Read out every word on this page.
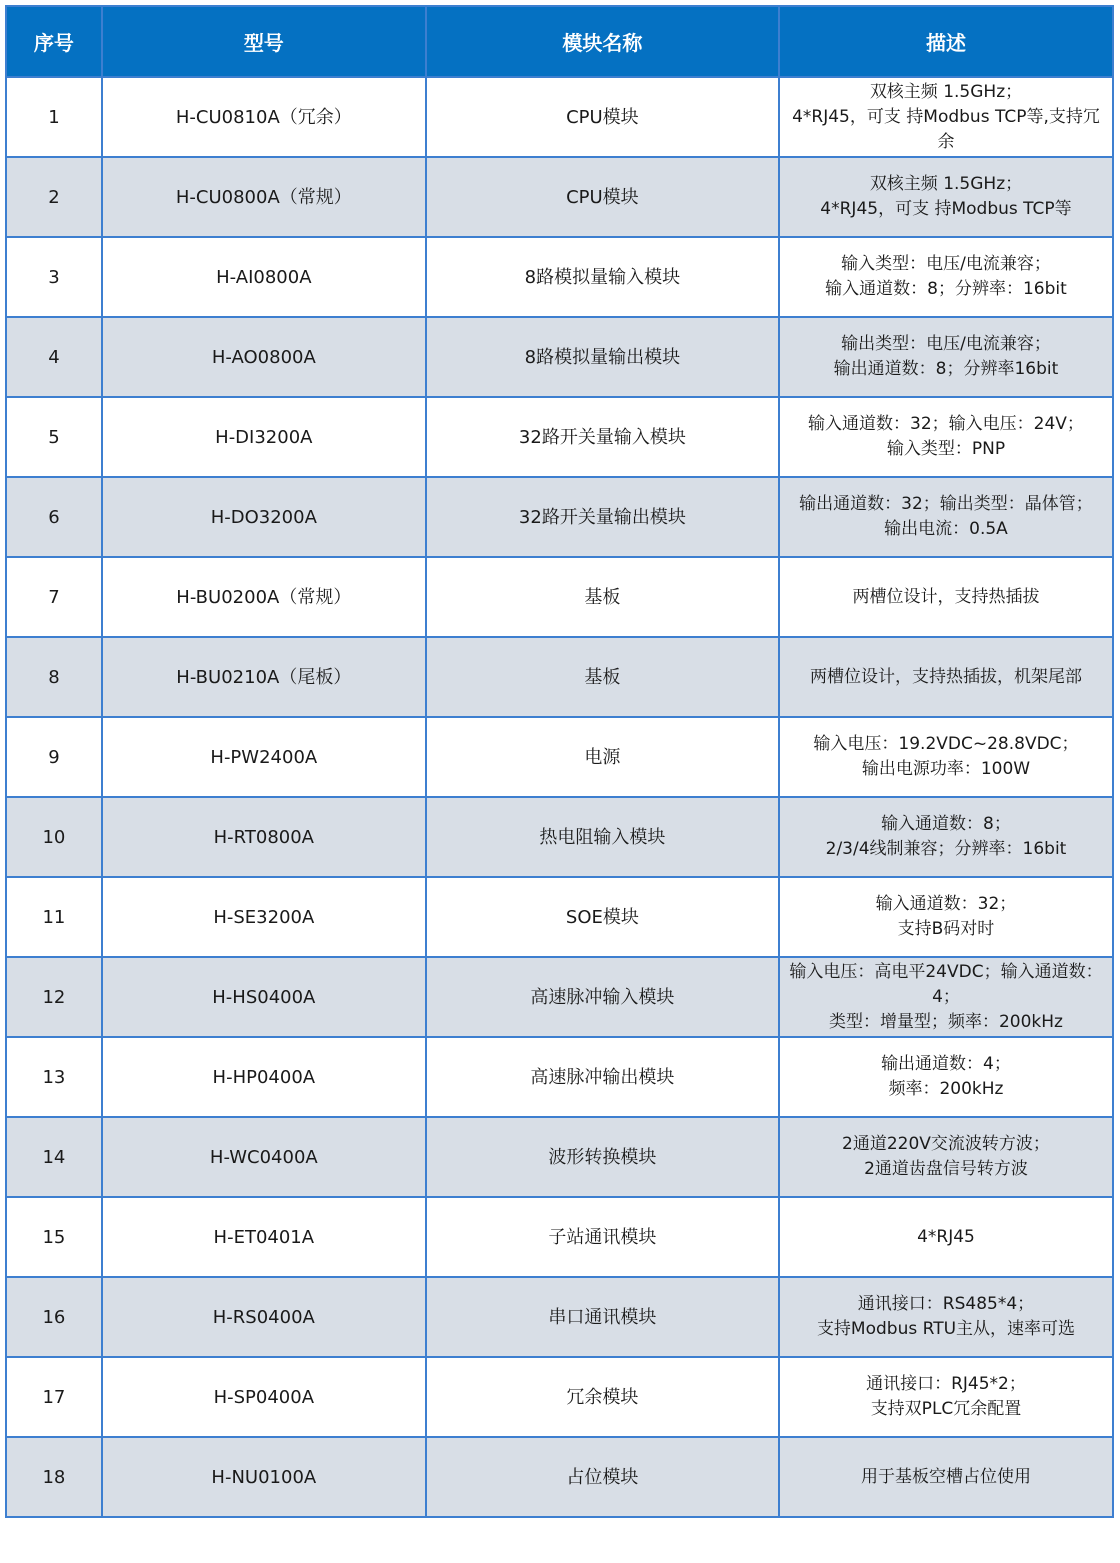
序号	型号	模块名称	描述
1	H-CU0810A（冗余）	CPU模块	双核主频 1.5GHz；
4*RJ45，可支 持Modbus TCP等,支持冗余
2	H-CU0800A（常规）	CPU模块	双核主频 1.5GHz；
4*RJ45，可支 持Modbus TCP等
3	H-AI0800A	8路模拟量输入模块	输入类型：电压/电流兼容；
输入通道数：8；分辨率：16bit
4	H-AO0800A	8路模拟量输出模块	输出类型：电压/电流兼容；
输出通道数：8；分辨率16bit
5	H-DI3200A	32路开关量输入模块	输入通道数：32；输入电压：24V；
输入类型：PNP
6	H-DO3200A	32路开关量输出模块	输出通道数：32；输出类型：晶体管；
输出电流：0.5A
7	H-BU0200A（常规）	基板	两槽位设计，支持热插拔
8	H-BU0210A（尾板）	基板	两槽位设计，支持热插拔，机架尾部
9	H-PW2400A	电源	输入电压：19.2VDC~28.8VDC；
输出电源功率：100W
10	H-RT0800A	热电阻输入模块	输入通道数：8；
2/3/4线制兼容；分辨率：16bit
11	H-SE3200A	SOE模块	输入通道数：32；
支持B码对时
12	H-HS0400A	高速脉冲输入模块	输入电压：高电平24VDC；输入通道数：4；
类型：增量型；频率：200kHz
13	H-HP0400A	高速脉冲输出模块	输出通道数：4；
频率：200kHz
14	H-WC0400A	波形转换模块	2通道220V交流波转方波；
2通道齿盘信号转方波
15	H-ET0401A	子站通讯模块	4*RJ45
16	H-RS0400A	串口通讯模块	通讯接口：RS485*4；
支持Modbus RTU主从，速率可选
17	H-SP0400A	冗余模块	通讯接口：RJ45*2；
支持双PLC冗余配置
18	H-NU0100A	占位模块	用于基板空槽占位使用
